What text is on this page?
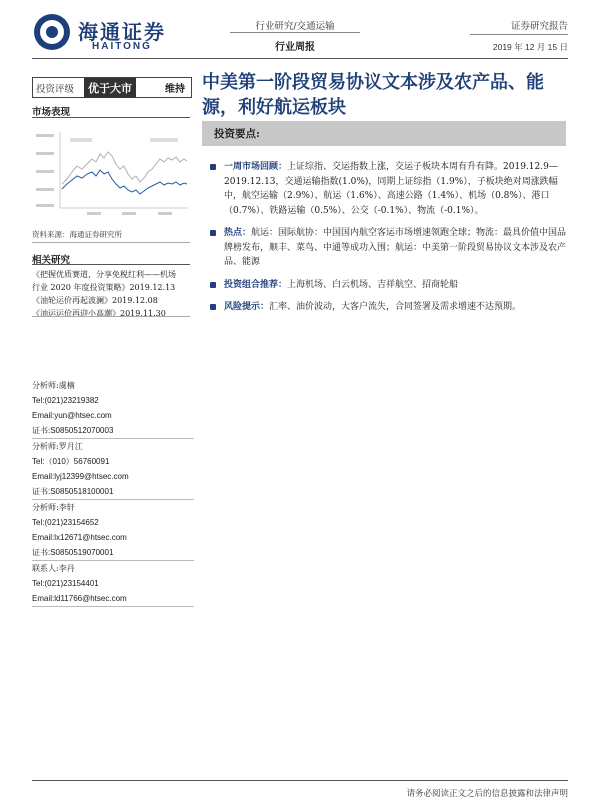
海通证券
HAITONG
行业研究/交通运输
行业周报
证券研究报告
2019 年 12 月 15 日
投资评级	优于大市	维持
市场表现
资料来源：海通证券研究所
相关研究
《把握优质赛道，分享免税红利——机场
行业 2020 年度投资策略》2019.12.13
《油轮运价再起波澜》2019.12.08
《油运运价再迎小高潮》2019.11.30
分析师:虞楠
Tel:(021)23219382
Email:yun@htsec.com
证书:S0850512070003
分析师:罗月江
Tel:（010）56760091
Email:lyj12399@htsec.com
证书:S0850518100001
分析师:李轩
Tel:(021)23154652
Email:lx12671@htsec.com
证书:S0850519070001
联系人:李丹
Tel:(021)23154401
Email:ld11766@htsec.com
中美第一阶段贸易协议文本涉及农产品、能源，利好航运板块
投资要点:
一周市场回顾：上证综指、交运指数上涨，交运子板块本周有升有降。2019.12.9—2019.12.13，交通运输指数(1.0%)，同期上证综指（1.9%），子板块绝对周涨跌幅中，航空运输（2.9%）、航运（1.6%）、高速公路（1.4%）、机场（0.8%）、港口（0.7%）、铁路运输（0.5%）、公交（-0.1%）、物流（-0.1%）。
热点：航运：国际航协：中国国内航空客运市场增速领跑全球；物流：最具价值中国品牌榜发布，顺丰、菜鸟、中通等成功入围；航运：中美第一阶段贸易协议文本涉及农产品、能源
投资组合推荐：上海机场、白云机场、吉祥航空、招商轮船
风险提示：汇率、油价波动，大客户流失，合同签署及需求增速不达预期。
请务必阅读正文之后的信息披露和法律声明
